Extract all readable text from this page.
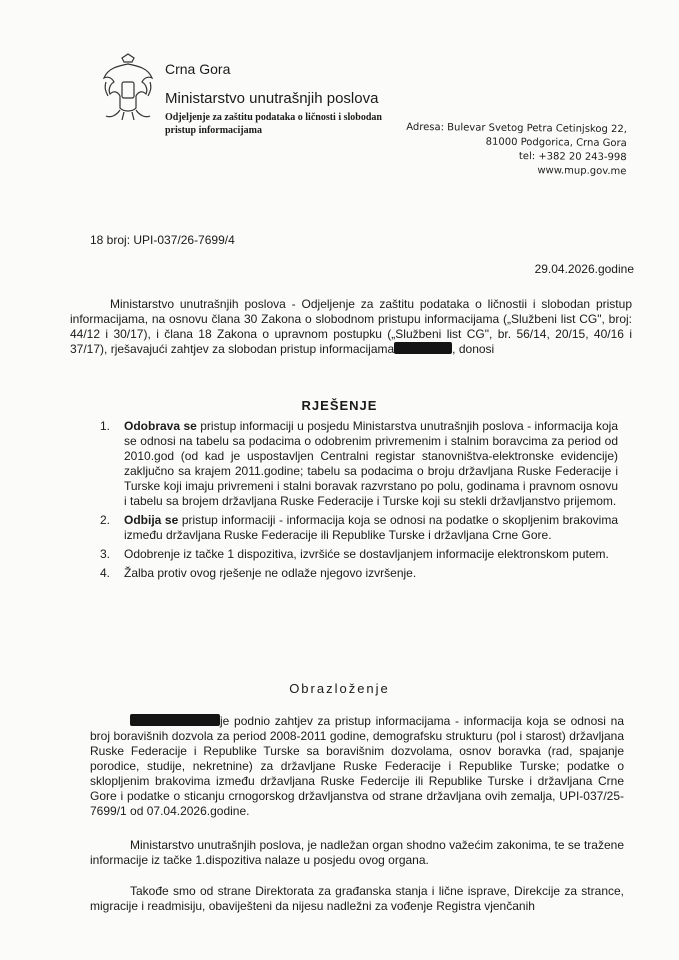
Crna Gora
Ministarstvo unutrašnjih poslova
Odjeljenje za zaštitu podataka o ličnosti i slobodan pristup informacijama	Adresa: Bulevar Svetog Petra Cetinjskog 22,
81000 Podgorica, Crna Gora
tel: +382 20 243-998
www.mup.gov.me
18 broj: UPI-037/26-7699/4
29.04.2026.godine
Ministarstvo unutrašnjih poslova - Odjeljenje za zaštitu podataka o ličnostii i slobodan pristup informacijama, na osnovu člana 30 Zakona o slobodnom pristupu informacijama („Službeni list CG", broj: 44/12 i 30/17), i člana 18 Zakona o upravnom postupku („Službeni list CG", br. 56/14, 20/15, 40/16 i 37/17), rješavajući zahtjev za slobodan pristup informacijama	, donosi
RJEŠENJE
1. Odobrava se pristup informaciji u posjedu Ministarstva unutrašnjih poslova - informacija koja se odnosi na tabelu sa podacima o odobrenim privremenim i stalnim boravcima za period od 2010.god (od kad je uspostavljen Centralni registar stanovništva-elektronske evidencije) zaključno sa krajem 2011.godine; tabelu sa podacima o broju državljana Ruske Federacije i Turske koji imaju privremeni i stalni boravak razvrstano po polu, godinama i pravnom osnovu i tabelu sa brojem državljana Ruske Federacije i Turske koji su stekli državljanstvo prijemom.
2. Odbija se pristup informaciji - informacija koja se odnosi na podatke o skopljenim brakovima između državljana Ruske Federacije ili Republike Turske i državljana Crne Gore.
3. Odobrenje iz tačke 1 dispozitiva, izvršiće se dostavljanjem informacije elektronskom putem.
4. Žalba protiv ovog rješenje ne odlaže njegovo izvršenje.
Obrazloženje
je podnio zahtjev za pristup informacijama - informacija koja se odnosi na broj boravišnih dozvola za period 2008-2011 godine, demografsku strukturu (pol i starost) državljana Ruske Federacije i Republike Turske sa boravišnim dozvolama, osnov boravka (rad, spajanje porodice, studije, nekretnine) za državljane Ruske Federacije i Republike Turske; podatke o sklopljenim brakovima između državljana Ruske Federcije ili Republike Turske i državljana Crne Gore i podatke o sticanju crnogorskog državljanstva od strane državljana ovih zemalja, UPI-037/25-7699/1 od 07.04.2026.godine.
Ministarstvo unutrašnjih poslova, je nadležan organ shodno važećim zakonima, te se tražene informacije iz tačke 1.dispozitiva nalaze u posjedu ovog organa.
Takođe smo od strane Direktorata za građanska stanja i lične isprave, Direkcije za strance, migracije i readmisiju, obaviješteni da nijesu nadležni za vođenje Registra vjenčanih
